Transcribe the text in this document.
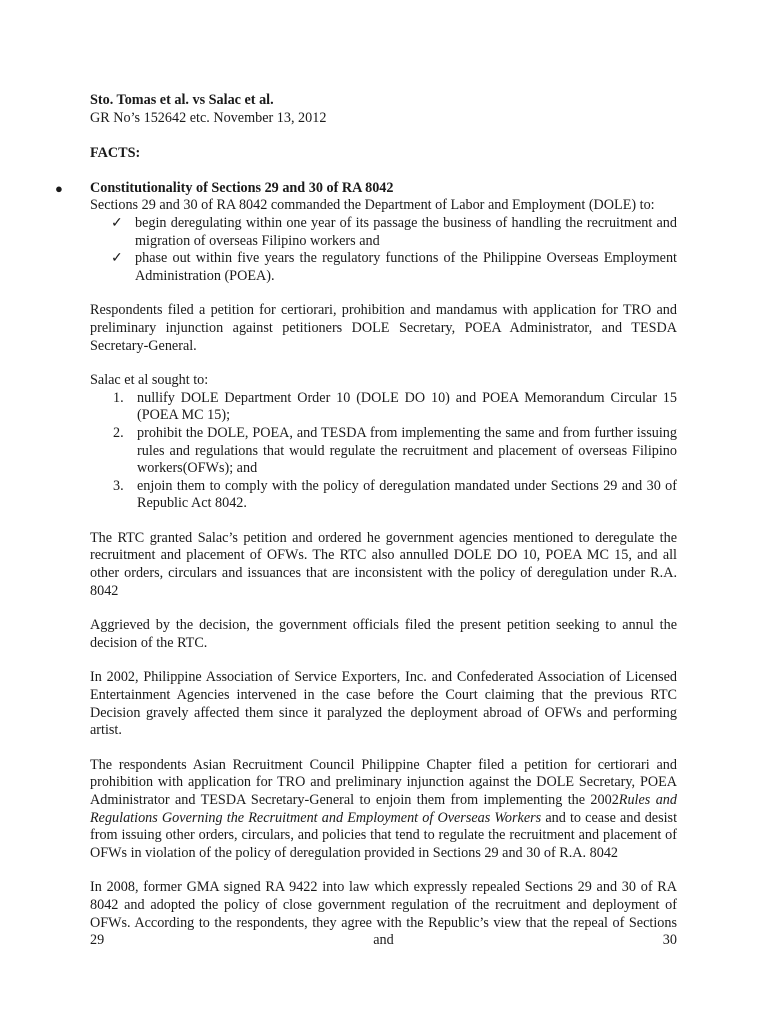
Sto. Tomas et al. vs Salac et al.

GR No’s 152642 etc. November 13, 2012

FACTS:

● Constitutionality of Sections 29 and 30 of RA 8042

Sections 29 and 30 of RA 8042 commanded the Department of Labor and Employment (DOLE) to:

✓ begin deregulating within one year of its passage the business of handling the recruitment and migration of overseas Filipino workers and
✓ phase out within five years the regulatory functions of the Philippine Overseas Employment Administration (POEA).

Respondents filed a petition for certiorari, prohibition and mandamus with application for TRO and preliminary injunction against petitioners DOLE Secretary, POEA Administrator, and TESDA Secretary-General.

Salac et al sought to:

1. nullify DOLE Department Order 10 (DOLE DO 10) and POEA Memorandum Circular 15 (POEA MC 15);
2. prohibit the DOLE, POEA, and TESDA from implementing the same and from further issuing rules and regulations that would regulate the recruitment and placement of overseas Filipino workers(OFWs); and
3. enjoin them to comply with the policy of deregulation mandated under Sections 29 and 30 of Republic Act 8042.

The RTC granted Salac’s petition and ordered he government agencies mentioned to deregulate the recruitment and placement of OFWs. The RTC also annulled DOLE DO 10, POEA MC 15, and all other orders, circulars and issuances that are inconsistent with the policy of deregulation under R.A. 8042

Aggrieved by the decision, the government officials filed the present petition seeking to annul the decision of the RTC.

In 2002, Philippine Association of Service Exporters, Inc. and Confederated Association of Licensed Entertainment Agencies intervened in the case before the Court claiming that the previous RTC Decision gravely affected them since it paralyzed the deployment abroad of OFWs and performing artist.

The respondents Asian Recruitment Council Philippine Chapter filed a petition for certiorari and prohibition with application for TRO and preliminary injunction against the DOLE Secretary, POEA Administrator and TESDA Secretary-General to enjoin them from implementing the 2002Rules and Regulations Governing the Recruitment and Employment of Overseas Workers and to cease and desist from issuing other orders, circulars, and policies that tend to regulate the recruitment and placement of OFWs in violation of the policy of deregulation provided in Sections 29 and 30 of R.A. 8042

In 2008, former GMA signed RA 9422 into law which expressly repealed Sections 29 and 30 of RA 8042 and adopted the policy of close government regulation of the recruitment and deployment of OFWs. According to the respondents, they agree with the Republic’s view that the repeal of Sections 29 and 30
